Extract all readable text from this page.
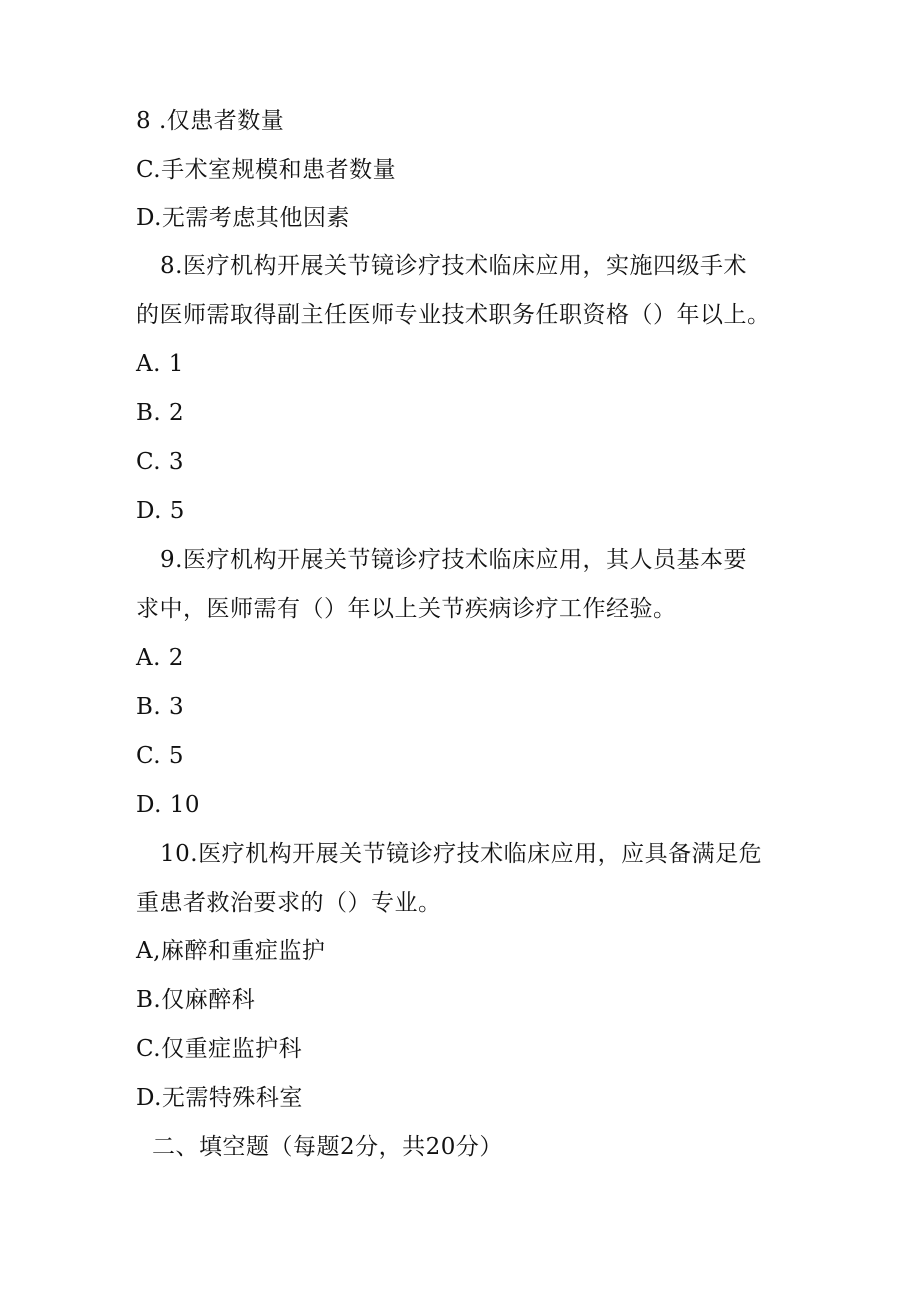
8 .仅患者数量
C.手术室规模和患者数量
D.无需考虑其他因素
8.医疗机构开展关节镜诊疗技术临床应用，实施四级手术
的医师需取得副主任医师专业技术职务任职资格（）年以上。
A. 1
B. 2
C. 3
D. 5
9.医疗机构开展关节镜诊疗技术临床应用，其人员基本要
求中，医师需有（）年以上关节疾病诊疗工作经验。
A. 2
B. 3
C. 5
D. 10
10.医疗机构开展关节镜诊疗技术临床应用，应具备满足危
重患者救治要求的（）专业。
A,麻醉和重症监护
B.仅麻醉科
C.仅重症监护科
D.无需特殊科室
二、填空题（每题2分，共20分）
